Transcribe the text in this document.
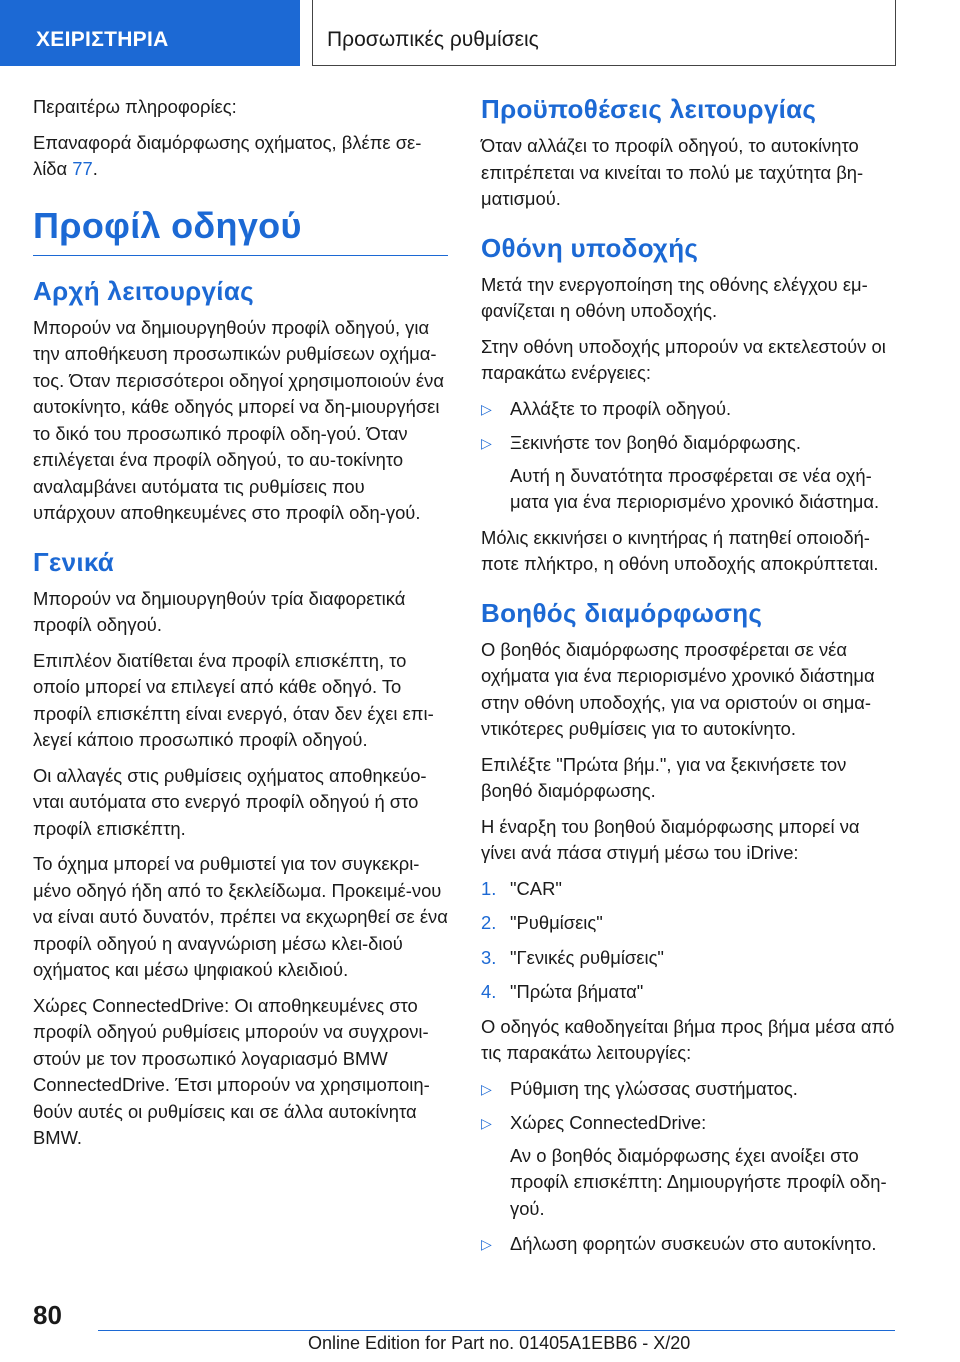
ΧΕΙΡΙΣΤΗΡΙΑ	Προσωπικές ρυθμίσεις

Περαιτέρω πληροφορίες:

Επαναφορά διαμόρφωσης οχήματος, βλέπε σε-λίδα 77.

Προφίλ οδηγού
Αρχή λειτουργίας

Μπορούν να δημιουργηθούν προφίλ οδηγού, για την αποθήκευση προσωπικών ρυθμίσεων οχήμα-τος. Όταν περισσότεροι οδηγοί χρησιμοποιούν ένα αυτοκίνητο, κάθε οδηγός μπορεί να δη-μιουργήσει το δικό του προσωπικό προφίλ οδη-γού. Όταν επιλέγεται ένα προφίλ οδηγού, το αυ-τοκίνητο αναλαμβάνει αυτόματα τις ρυθμίσεις που υπάρχουν αποθηκευμένες στο προφίλ οδη-γού.

Γενικά

Μπορούν να δημιουργηθούν τρία διαφορετικά προφίλ οδηγού.

Επιπλέον διατίθεται ένα προφίλ επισκέπτη, το οποίο μπορεί να επιλεγεί από κάθε οδηγό. Το προφίλ επισκέπτη είναι ενεργό, όταν δεν έχει επι-λεγεί κάποιο προσωπικό προφίλ οδηγού.

Οι αλλαγές στις ρυθμίσεις οχήματος αποθηκεύο-νται αυτόματα στο ενεργό προφίλ οδηγού ή στο προφίλ επισκέπτη.

Το όχημα μπορεί να ρυθμιστεί για τον συγκεκρι-μένο οδηγό ήδη από το ξεκλείδωμα. Προκειμέ-νου να είναι αυτό δυνατόν, πρέπει να εκχωρηθεί σε ένα προφίλ οδηγού η αναγνώριση μέσω κλει-διού οχήματος και μέσω ψηφιακού κλειδιού.

Χώρες ConnectedDrive: Οι αποθηκευμένες στο προφίλ οδηγού ρυθμίσεις μπορούν να συγχρονι-στούν με τον προσωπικό λογαριασμό BMW ConnectedDrive. Έτσι μπορούν να χρησιμοποιη-θούν αυτές οι ρυθμίσεις και σε άλλα αυτοκίνητα BMW.

Προϋποθέσεις λειτουργίας

Όταν αλλάζει το προφίλ οδηγού, το αυτοκίνητο επιτρέπεται να κινείται το πολύ με ταχύτητα βη-ματισμού.

Οθόνη υποδοχής

Μετά την ενεργοποίηση της οθόνης ελέγχου εμ-φανίζεται η οθόνη υποδοχής.

Στην οθόνη υποδοχής μπορούν να εκτελεστούν οι παρακάτω ενέργειες:

▷ Αλλάξτε το προφίλ οδηγού.
▷ Ξεκινήστε τον βοηθό διαμόρφωσης.

Αυτή η δυνατότητα προσφέρεται σε νέα οχή-ματα για ένα περιορισμένο χρονικό διάστημα.

Μόλις εκκινήσει ο κινητήρας ή πατηθεί οποιοδή-ποτε πλήκτρο, η οθόνη υποδοχής αποκρύπτεται.

Βοηθός διαμόρφωσης

Ο βοηθός διαμόρφωσης προσφέρεται σε νέα οχήματα για ένα περιορισμένο χρονικό διάστημα στην οθόνη υποδοχής, για να οριστούν οι σημα-ντικότερες ρυθμίσεις για το αυτοκίνητο.

Επιλέξτε "Πρώτα βήμ.", για να ξεκινήσετε τον βοηθό διαμόρφωσης.

Η έναρξη του βοηθού διαμόρφωσης μπορεί να γίνει ανά πάσα στιγμή μέσω του iDrive:

1. "CAR"
2. "Ρυθμίσεις"
3. "Γενικές ρυθμίσεις"
4. "Πρώτα βήματα"

Ο οδηγός καθοδηγείται βήμα προς βήμα μέσα από τις παρακάτω λειτουργίες:

▷ Ρύθμιση της γλώσσας συστήματος.
▷ Χώρες ConnectedDrive:

Αν ο βοηθός διαμόρφωσης έχει ανοίξει στο προφίλ επισκέπτη: Δημιουργήστε προφίλ οδη-γού.

▷ Δήλωση φορητών συσκευών στο αυτοκίνητο.
80
Online Edition for Part no. 01405A1EBB6 - X/20
